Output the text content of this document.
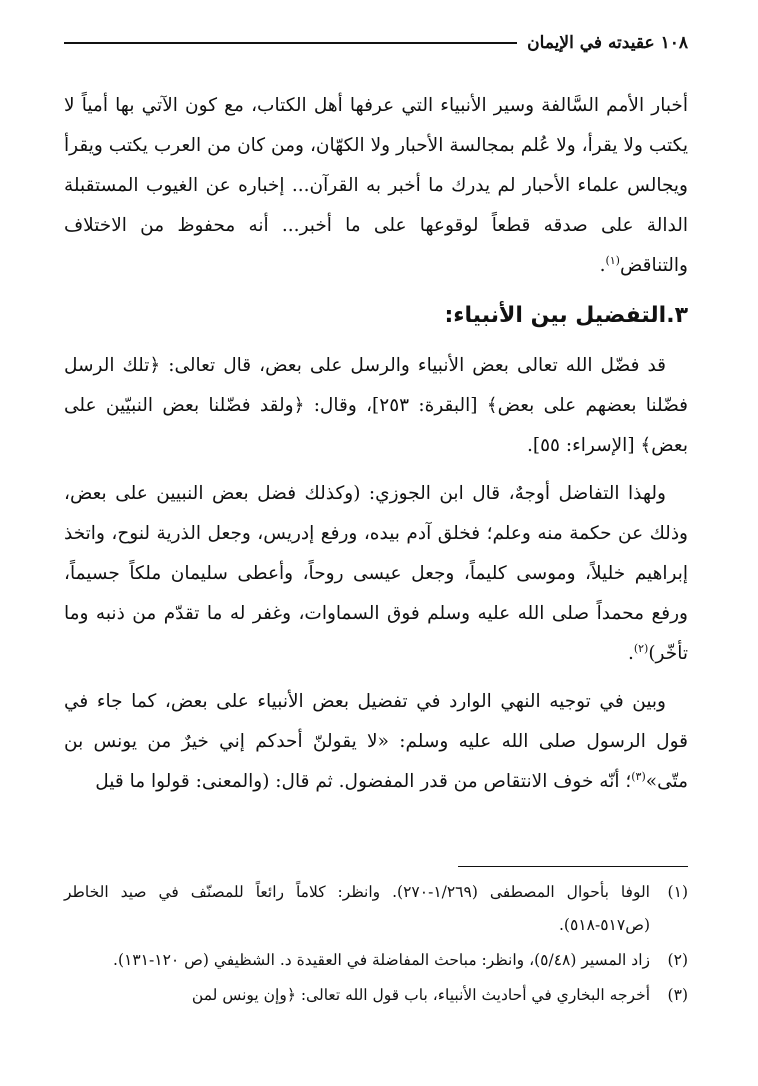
عقيدته في الإيمان ١٠٨

أخبار الأمم السَّالفة وسير الأنبياء التي عرفها أهل الكتاب، مع كون الآتي بها أمياً لا يكتب ولا يقرأ، ولا عُلم بمجالسة الأحبار ولا الكهّان، ومن كان من العرب يكتب ويقرأ ويجالس علماء الأحبار لم يدرك ما أخبر به القرآن... إخباره عن الغيوب المستقبلة الدالة على صدقه قطعاً لوقوعها على ما أخبر... أنه محفوظ من الاختلاف والتناقض$^{(١)}$.

٣.التفضيل بين الأنبياء:

قد فضّل الله تعالى بعض الأنبياء والرسل على بعض، قال تعالى: ﴿تلك الرسل فضّلنا بعضهم على بعض﴾ [البقرة: ٢٥٣]، وقال: ﴿ولقد فضّلنا بعض النبيّين على بعض﴾ [الإسراء: ٥٥].

ولهذا التفاضل أوجهٌ، قال ابن الجوزي: (وكذلك فضل بعض النبيين على بعض، وذلك عن حكمة منه وعلم؛ فخلق آدم بيده، ورفع إدريس، وجعل الذرية لنوح، واتخذ إبراهيم خليلاً، وموسى كليماً، وجعل عيسى روحاً، وأعطى سليمان ملكاً جسيماً، ورفع محمداً صلى الله عليه وسلم فوق السماوات، وغفر له ما تقدّم من ذنبه وما تأخّر)$^{(٢)}$.

وبين في توجيه النهي الوارد في تفضيل بعض الأنبياء على بعض، كما جاء في قول الرسول صلى الله عليه وسلم: «لا يقولنّ أحدكم إني خيرٌ من يونس بن متّى»$^{(٣)}$؛ أنّه خوف الانتقاص من قدر المفضول. ثم قال: (والمعنى: قولوا ما قيل

(١)
الوفا بأحوال المصطفى (١/٢٦٩-٢٧٠). وانظر: كلاماً رائعاً للمصنّف في صيد الخاطر (ص٥١٧-٥١٨).
(٢)
زاد المسير (٥/٤٨)، وانظر: مباحث المفاضلة في العقيدة د. الشظيفي (ص ١٢٠-١٣١).
(٣)
أخرجه البخاري في أحاديث الأنبياء، باب قول الله تعالى: ﴿وإن يونس لمن
